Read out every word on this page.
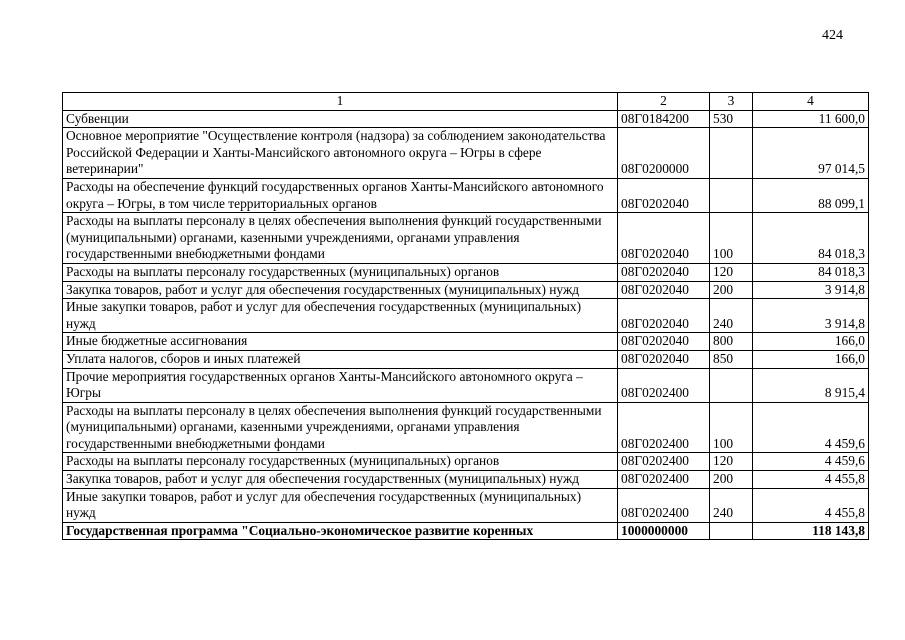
424
1	2	3	4
Субвенции	08Г0184200	530	11 600,0
Основное мероприятие "Осуществление контроля (надзора) за соблюдением законодательства Российской Федерации и Ханты-Мансийского автономного округа – Югры в сфере ветеринарии"	08Г0200000		97 014,5
Расходы на обеспечение функций государственных органов Ханты-Мансийского автономного округа – Югры, в том числе территориальных органов	08Г0202040		88 099,1
Расходы на выплаты персоналу в целях обеспечения выполнения функций государственными (муниципальными) органами, казенными учреждениями, органами управления государственными внебюджетными фондами	08Г0202040	100	84 018,3
Расходы на выплаты персоналу государственных (муниципальных) органов	08Г0202040	120	84 018,3
Закупка товаров, работ и услуг для обеспечения государственных (муниципальных) нужд	08Г0202040	200	3 914,8
Иные закупки товаров, работ и услуг для обеспечения государственных (муниципальных) нужд	08Г0202040	240	3 914,8
Иные бюджетные ассигнования	08Г0202040	800	166,0
Уплата налогов, сборов и иных платежей	08Г0202040	850	166,0
Прочие мероприятия государственных органов Ханты-Мансийского автономного округа – Югры	08Г0202400		8 915,4
Расходы на выплаты персоналу в целях обеспечения выполнения функций государственными (муниципальными) органами, казенными учреждениями, органами управления государственными внебюджетными фондами	08Г0202400	100	4 459,6
Расходы на выплаты персоналу государственных (муниципальных) органов	08Г0202400	120	4 459,6
Закупка товаров, работ и услуг для обеспечения государственных (муниципальных) нужд	08Г0202400	200	4 455,8
Иные закупки товаров, работ и услуг для обеспечения государственных (муниципальных) нужд	08Г0202400	240	4 455,8
Государственная программа "Социально-экономическое развитие коренных	1000000000		118 143,8
